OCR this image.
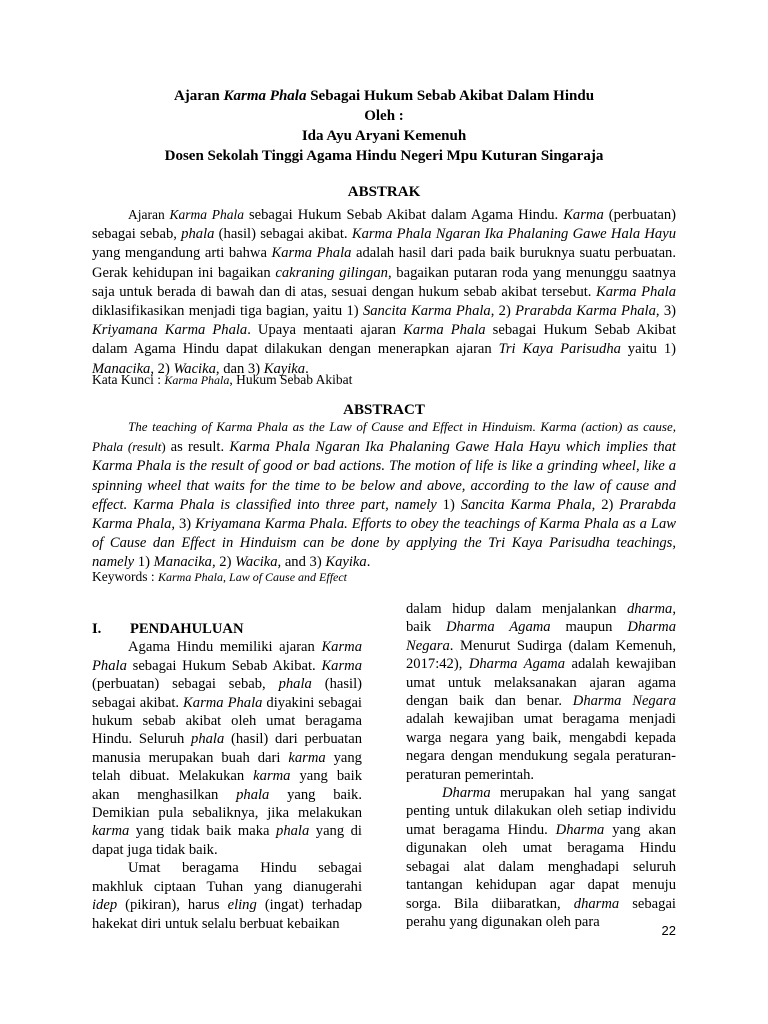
Ajaran Karma Phala Sebagai Hukum Sebab Akibat Dalam Hindu
Oleh :
Ida Ayu Aryani Kemenuh
Dosen Sekolah Tinggi Agama Hindu Negeri Mpu Kuturan Singaraja
ABSTRAK
Ajaran Karma Phala sebagai Hukum Sebab Akibat dalam Agama Hindu. Karma (perbuatan) sebagai sebab, phala (hasil) sebagai akibat. Karma Phala Ngaran Ika Phalaning Gawe Hala Hayu yang mengandung arti bahwa Karma Phala adalah hasil dari pada baik buruknya suatu perbuatan. Gerak kehidupan ini bagaikan cakraning gilingan, bagaikan putaran roda yang menunggu saatnya saja untuk berada di bawah dan di atas, sesuai dengan hukum sebab akibat tersebut. Karma Phala diklasifikasikan menjadi tiga bagian, yaitu 1) Sancita Karma Phala, 2) Prarabda Karma Phala, 3) Kriyamana Karma Phala. Upaya mentaati ajaran Karma Phala sebagai Hukum Sebab Akibat dalam Agama Hindu dapat dilakukan dengan menerapkan ajaran Tri Kaya Parisudha yaitu 1) Manacika, 2) Wacika, dan 3) Kayika.
Kata Kunci : Karma Phala, Hukum Sebab Akibat
ABSTRACT
The teaching of Karma Phala as the Law of Cause and Effect in Hinduism. Karma (action) as cause, Phala (result) as result. Karma Phala Ngaran Ika Phalaning Gawe Hala Hayu which implies that Karma Phala is the result of good or bad actions. The motion of life is like a grinding wheel, like a spinning wheel that waits for the time to be below and above, according to the law of cause and effect. Karma Phala is classified into three part, namely 1) Sancita Karma Phala, 2) Prarabda Karma Phala, 3) Kriyamana Karma Phala. Efforts to obey the teachings of Karma Phala as a Law of Cause dan Effect in Hinduism can be done by applying the Tri Kaya Parisudha teachings, namely 1) Manacika, 2) Wacika, and 3) Kayika.
Keywords : Karma Phala, Law of Cause and Effect
I. PENDAHULUAN

Agama Hindu memiliki ajaran Karma Phala sebagai Hukum Sebab Akibat. Karma (perbuatan) sebagai sebab, phala (hasil) sebagai akibat. Karma Phala diyakini sebagai hukum sebab akibat oleh umat beragama Hindu. Seluruh phala (hasil) dari perbuatan manusia merupakan buah dari karma yang telah dibuat. Melakukan karma yang baik akan menghasilkan phala yang baik. Demikian pula sebaliknya, jika melakukan karma yang tidak baik maka phala yang di dapat juga tidak baik.

Umat beragama Hindu sebagai makhluk ciptaan Tuhan yang dianugerahi idep (pikiran), harus eling (ingat) terhadap hakekat diri untuk selalu berbuat kebaikan

dalam hidup dalam menjalankan dharma, baik Dharma Agama maupun Dharma Negara. Menurut Sudirga (dalam Kemenuh, 2017:42), Dharma Agama adalah kewajiban umat untuk melaksanakan ajaran agama dengan baik dan benar. Dharma Negara adalah kewajiban umat beragama menjadi warga negara yang baik, mengabdi kepada negara dengan mendukung segala peraturan-peraturan pemerintah.

Dharma merupakan hal yang sangat penting untuk dilakukan oleh setiap individu umat beragama Hindu. Dharma yang akan digunakan oleh umat beragama Hindu sebagai alat dalam menghadapi seluruh tantangan kehidupan agar dapat menuju sorga. Bila diibaratkan, dharma sebagai perahu yang digunakan oleh para

22
